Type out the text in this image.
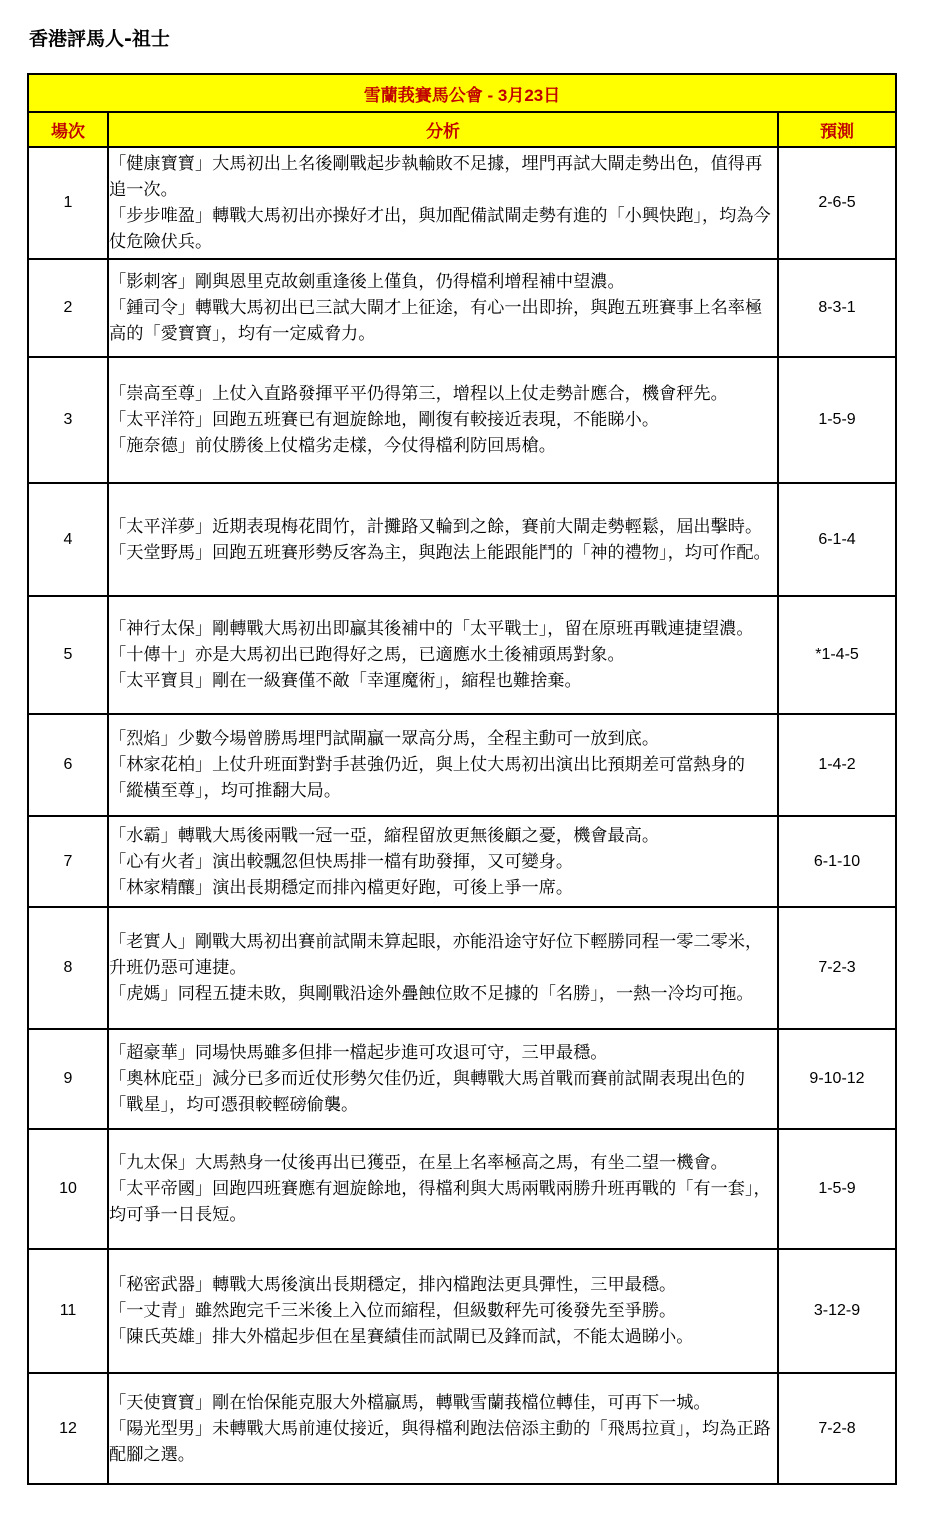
香港評馬人-祖士
雪蘭莪賽馬公會 - 3月23日		
場次	分析	預測
1	「健康寶寶」大馬初出上名後剛戰起步執輸敗不足據，埋門再試大閘走勢出色，值得再追一次。
「步步唯盈」轉戰大馬初出亦操好才出，與加配備試閘走勢有進的「小興快跑」，均為今仗危險伏兵。	2-6-5
2	「影刺客」剛與恩里克故劍重逢後上僅負，仍得檔利增程補中望濃。
「鍾司令」轉戰大馬初出已三試大閘才上征途，有心一出即拚，與跑五班賽事上名率極高的「愛寶寶」，均有一定威脅力。	8-3-1
3	「崇高至尊」上仗入直路發揮平平仍得第三，增程以上仗走勢計應合，機會秤先。
「太平洋符」回跑五班賽已有迴旋餘地，剛復有較接近表現，不能睇小。
「施奈德」前仗勝後上仗檔劣走樣，今仗得檔利防回馬槍。	1-5-9
4	「太平洋夢」近期表現梅花間竹，計攤路又輪到之餘，賽前大閘走勢輕鬆，屆出擊時。
「天堂野馬」回跑五班賽形勢反客為主，與跑法上能跟能鬥的「神的禮物」，均可作配。	6-1-4
5	「神行太保」剛轉戰大馬初出即贏其後補中的「太平戰士」，留在原班再戰連捷望濃。
「十傳十」亦是大馬初出已跑得好之馬，已適應水土後補頭馬對象。
「太平寶貝」剛在一級賽僅不敵「幸運魔術」，縮程也難捨棄。	*1-4-5
6	「烈焰」少數今場曾勝馬埋門試閘贏一眾高分馬，全程主動可一放到底。
「林家花柏」上仗升班面對對手甚強仍近，與上仗大馬初出演出比預期差可當熱身的「縱橫至尊」，均可推翻大局。	1-4-2
7	「水霸」轉戰大馬後兩戰一冠一亞，縮程留放更無後顧之憂，機會最高。
「心有火者」演出較飄忽但快馬排一檔有助發揮，又可變身。
「林家精釀」演出長期穩定而排內檔更好跑，可後上爭一席。	6-1-10
8	「老實人」剛戰大馬初出賽前試閘未算起眼，亦能沿途守好位下輕勝同程一零二零米，升班仍惡可連捷。
「虎媽」同程五捷未敗，與剛戰沿途外疊蝕位敗不足據的「名勝」，一熱一冷均可拖。	7-2-3
9	「超豪華」同場快馬雖多但排一檔起步進可攻退可守，三甲最穩。
「奧林庇亞」減分已多而近仗形勢欠佳仍近，與轉戰大馬首戰而賽前試閘表現出色的「戰星」，均可憑孭較輕磅偷襲。	9-10-12
10	「九太保」大馬熱身一仗後再出已獲亞，在星上名率極高之馬，有坐二望一機會。
「太平帝國」回跑四班賽應有迴旋餘地，得檔利與大馬兩戰兩勝升班再戰的「有一套」，均可爭一日長短。	1-5-9
11	「秘密武器」轉戰大馬後演出長期穩定，排內檔跑法更具彈性，三甲最穩。
「一丈青」雖然跑完千三米後上入位而縮程，但級數秤先可後發先至爭勝。
「陳氏英雄」排大外檔起步但在星賽績佳而試閘已及鋒而試，不能太過睇小。	3-12-9
12	「天使寶寶」剛在怡保能克服大外檔贏馬，轉戰雪蘭莪檔位轉佳，可再下一城。
「陽光型男」未轉戰大馬前連仗接近，與得檔利跑法倍添主動的「飛馬拉貢」，均為正路配腳之選。	7-2-8
